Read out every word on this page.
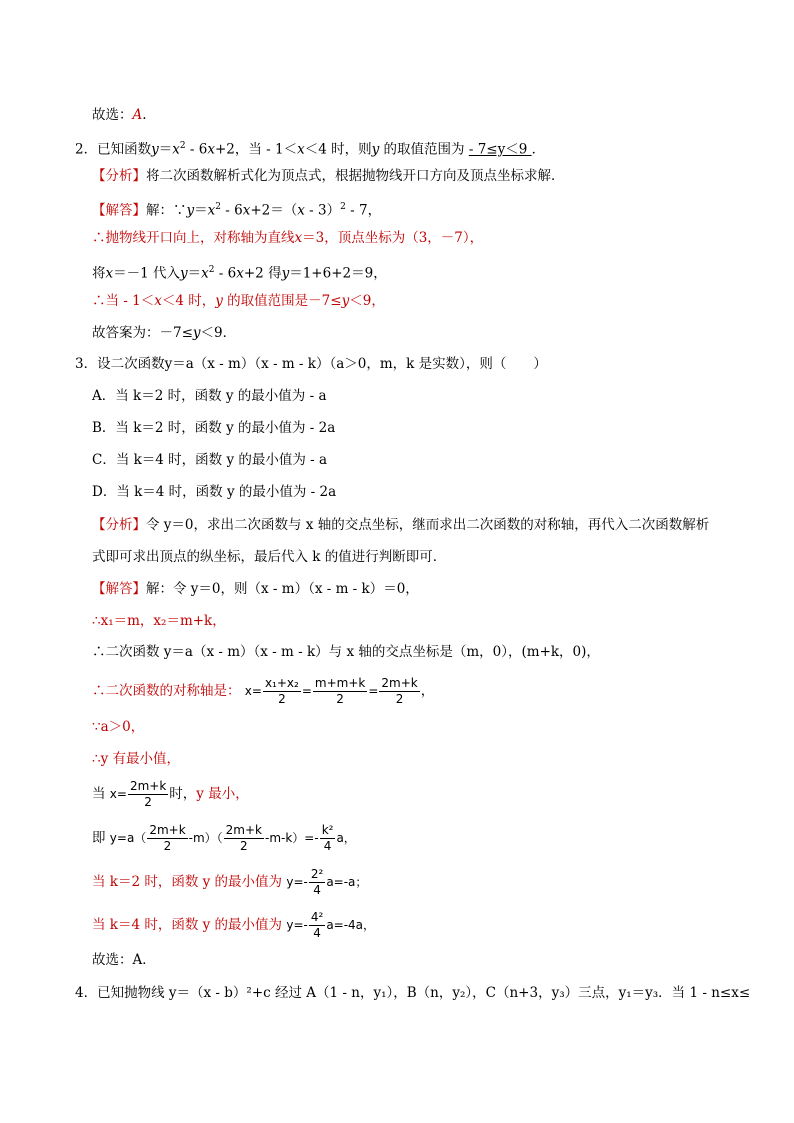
故选：A.
2．已知函数$y=x^2 - 6x+2$，当 - 1＜x＜4 时，则y 的取值范围为 - 7≤y＜9 ．
【分析】将二次函数解析式化为顶点式，根据抛物线开口方向及顶点坐标求解．
【解答】解：$\because y=x^2 - 6x+2=(x - 3)^2 - 7$，
∴抛物线开口向上，对称轴为直线x＝3，顶点坐标为（3，－7），
将x＝－1 代入$y=x^2 - 6x+2$ 得y＝1+6+2＝9，
∴当 - 1＜x＜4 时，y 的取值范围是－7≤y＜9，
故答案为：－7≤y＜9．
3．设二次函数y＝a（x - m）（x - m - k）（a＞0，m，k 是实数），则（　　）
A．当 k＝2 时，函数 y 的最小值为 - a
B．当 k＝2 时，函数 y 的最小值为 - 2a
C．当 k＝4 时，函数 y 的最小值为 - a
D．当 k＝4 时，函数 y 的最小值为 - 2a
【分析】令 y＝0，求出二次函数与 x 轴的交点坐标，继而求出二次函数的对称轴，再代入二次函数解析
式即可求出顶点的纵坐标，最后代入 k 的值进行判断即可．
【解答】解：令 y＝0，则（x - m）（x - m - k）＝0，
∴x₁＝m，x₂＝m+k，
∴二次函数 y＝a（x - m）（x - m - k）与 x 轴的交点坐标是（m，0），(m+k，0)，
∴二次函数的对称轴是： $x= \frac{\text{x₁+x₂}}{2} = \frac{m+m+k}{2} = \frac{2m+k}{2}$ ，
∵a＞0，
∴y 有最小值，
当 $x= \frac{2m+k}{2}$ 时，y 最小，
即 $y=a( \frac{2m+k}{2} -m)( \frac{2m+k}{2} -m-k)=- \frac{\text{k²}}{4}$ a，
当 k＝2 时，函数 y 的最小值为 $y=- \frac{\text{2²}}{4} a=-a$；
当 k＝4 时，函数 y 的最小值为 $y=- \frac{\text{4²}}{4} a=-4a$，
故选：A．
4．已知抛物线 y＝（x - b）²+c 经过 A（1 - n，y₁），B（n，y₂），C（n+3，y₃）三点，y₁＝y₃．当 1 - n≤x≤
